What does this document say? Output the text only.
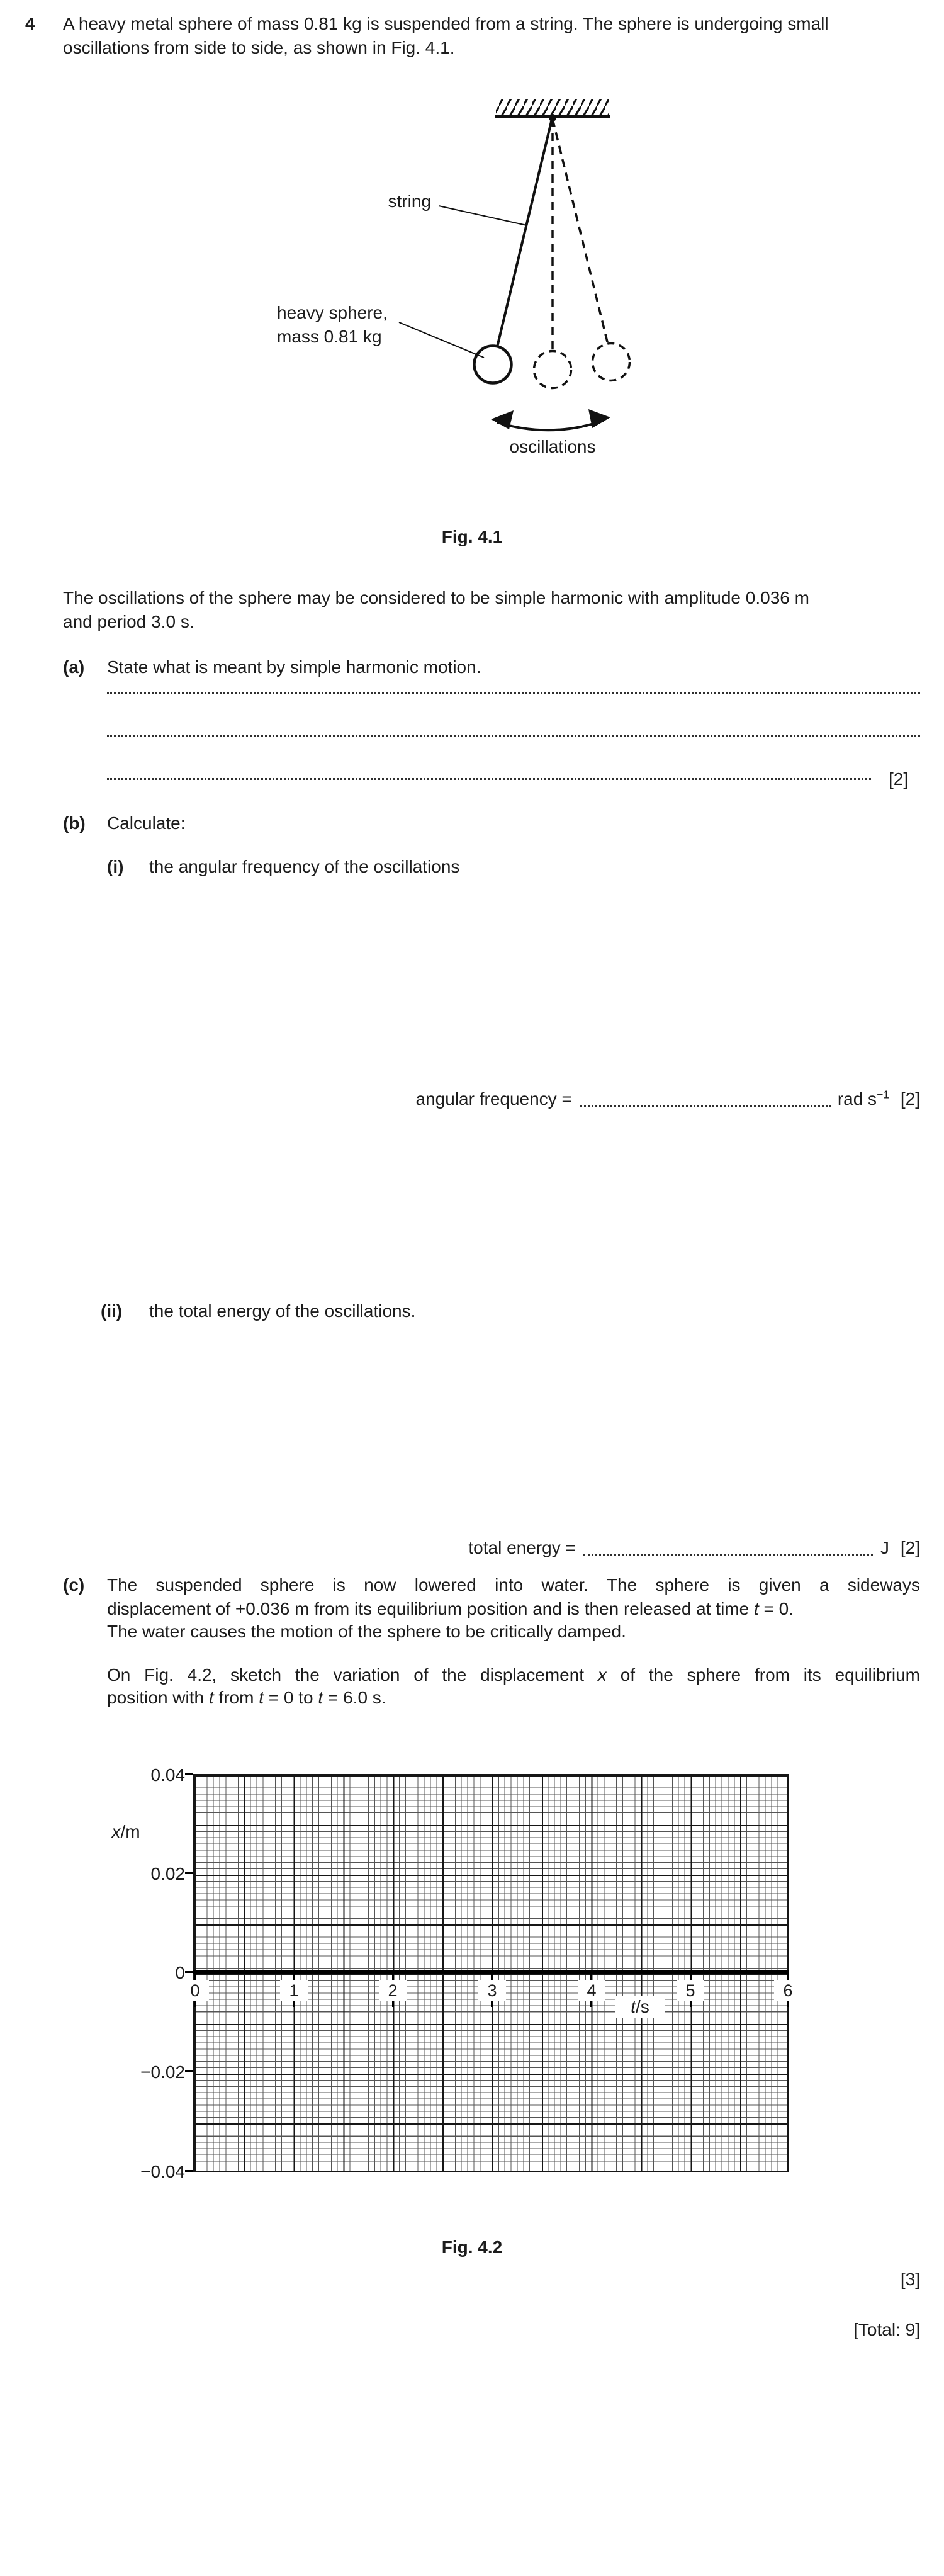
4 A heavy metal sphere of mass 0.81 kg is suspended from a string. The sphere is undergoing small
oscillations from side to side, as shown in Fig. 4.1.
string
heavy sphere,
mass 0.81 kg
oscillations
Fig. 4.1
The oscillations of the sphere may be considered to be simple harmonic with amplitude 0.036 m
and period 3.0 s.
(a) State what is meant by simple harmonic motion.
[2]
(b) Calculate:
(i) the angular frequency of the oscillations
angular frequency =	rad $s^{-1}$ [2]
(ii) the total energy of the oscillations.
total energy =	J [2]
(c) The suspended sphere is now lowered into water. The sphere is given a sideways
displacement of +0.036 m from its equilibrium position and is then released at time t = 0.
The water causes the motion of the sphere to be critically damped.
On Fig. 4.2, sketch the variation of the displacement x of the sphere from its equilibrium
position with t from t = 0 to t = 6.0 s.
0	1	2	3	4	5	6
t/s
0.04
0.02
0
−0.02
−0.04
x/m
Fig. 4.2
[3]
[Total: 9]
